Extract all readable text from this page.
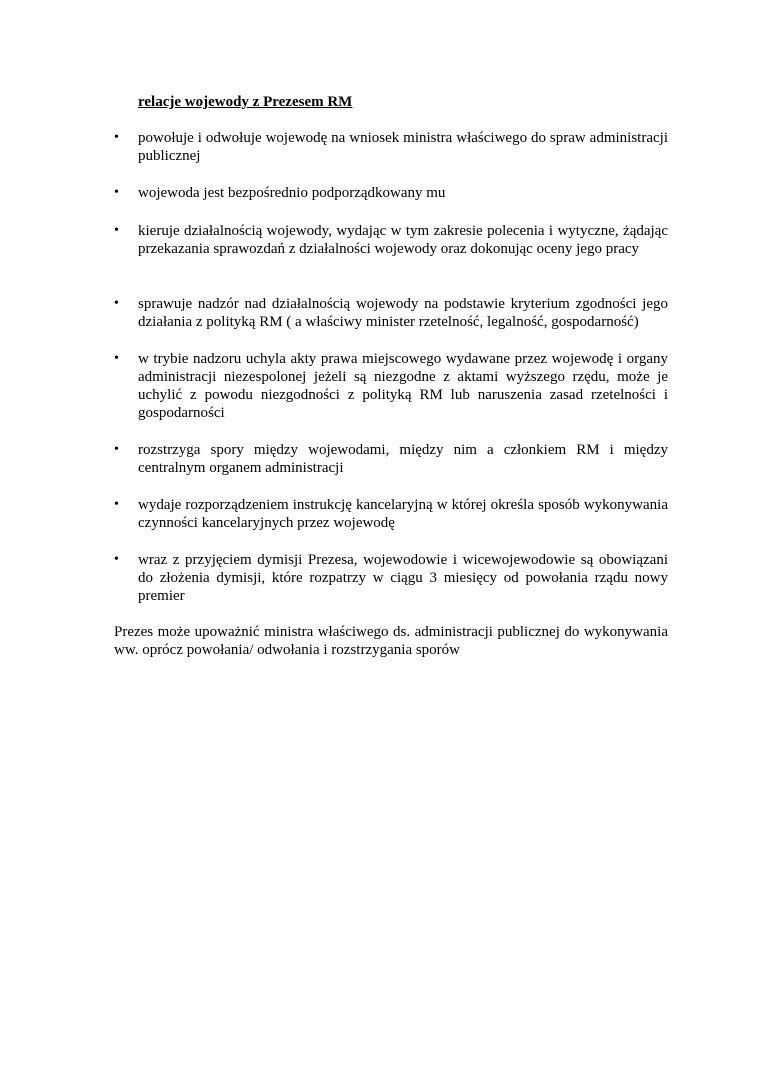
relacje wojewody z Prezesem RM
• powołuje i odwołuje wojewodę na wniosek ministra właściwego do spraw administracji publicznej
• wojewoda jest bezpośrednio podporządkowany mu
• kieruje działalnością wojewody, wydając w tym zakresie polecenia i wytyczne, żądając przekazania sprawozdań z działalności wojewody oraz dokonując oceny jego pracy
• sprawuje nadzór nad działalnością wojewody na podstawie kryterium zgodności jego działania z polityką RM ( a właściwy minister rzetelność, legalność, gospodarność)
• w trybie nadzoru uchyla akty prawa miejscowego wydawane przez wojewodę i organy administracji niezespolonej jeżeli są niezgodne z aktami wyższego rzędu, może je uchylić z powodu niezgodności z polityką RM lub naruszenia zasad rzetelności i gospodarności
• rozstrzyga spory między wojewodami, między nim a członkiem RM i między centralnym organem administracji
• wydaje rozporządzeniem instrukcję kancelaryjną w której określa sposób wykonywania czynności kancelaryjnych przez wojewodę
• wraz z przyjęciem dymisji Prezesa, wojewodowie i wicewojewodowie są obowiązani do złożenia dymisji, które rozpatrzy w ciągu 3 miesięcy od powołania rządu nowy premier

Prezes może upoważnić ministra właściwego ds. administracji publicznej do wykonywania ww. oprócz powołania/ odwołania i rozstrzygania sporów
